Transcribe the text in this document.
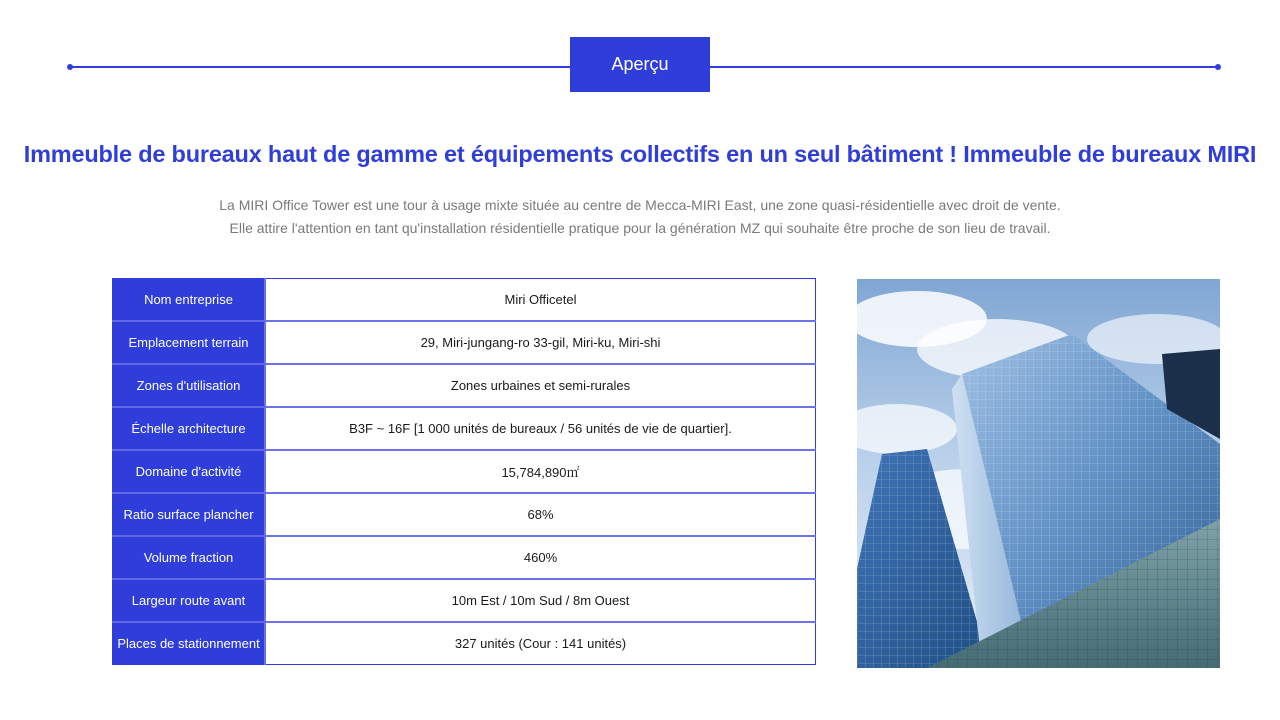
Aperçu
Immeuble de bureaux haut de gamme et équipements collectifs en un seul bâtiment ! Immeuble de bureaux MIRI

La MIRI Office Tower est une tour à usage mixte située au centre de Mecca-MIRI East, une zone quasi-résidentielle avec droit de vente.

Elle attire l'attention en tant qu'installation résidentielle pratique pour la génération MZ qui souhaite être proche de son lieu de travail.

Nom entreprise	Miri Officetel
Emplacement terrain	29, Miri-jungang-ro 33-gil, Miri-ku, Miri-shi
Zones d'utilisation	Zones urbaines et semi-rurales
Échelle architecture	B3F ~ 16F [1 000 unités de bureaux / 56 unités de vie de quartier].
Domaine d'activité	15,784,890㎡
Ratio surface plancher	68%
Volume fraction	460%
Largeur route avant	10m Est / 10m Sud / 8m Ouest
Places de stationnement	327 unités (Cour : 141 unités)
